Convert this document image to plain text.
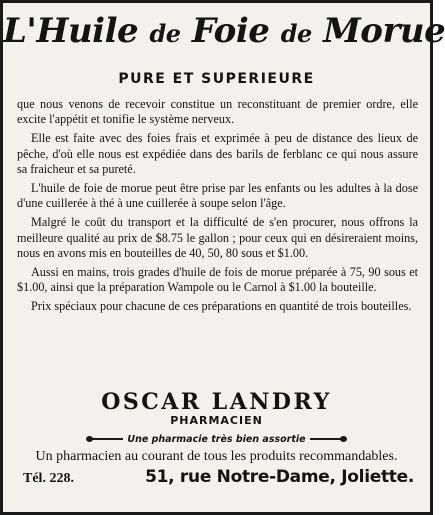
L'Huile de Foie de Morue
PURE ET SUPERIEURE

que nous venons de recevoir constitue un reconstituant de premier ordre, elle excite l'appétit et tonifie le système nerveux.

Elle est faite avec des foies frais et exprimée à peu de distance des lieux de pêche, d'où elle nous est expédiée dans des barils de ferblanc ce qui nous assure sa fraicheur et sa pureté.

L'huile de foie de morue peut être prise par les enfants ou les adultes à la dose d'une cuillerée à thé à une cuillerée à soupe selon l'âge.

Malgré le coût du transport et la difficulté de s'en procurer, nous offrons la meilleure qualité au prix de $8.75 le gallon ; pour ceux qui en désireraient moins, nous en avons mis en bouteilles de 40, 50, 80 sous et $1.00.

Aussi en mains, trois grades d'huile de fois de morue préparée à 75, 90 sous et $1.00, ainsi que la préparation Wampole ou le Carnol à $1.00 la bouteille.

Prix spéciaux pour chacune de ces préparations en quantité de trois bouteilles.

OSCAR LANDRY
PHARMACIEN
Une pharmacie très bien assortie
Un pharmacien au courant de tous les produits recommandables.
Tél. 228.	51, rue Notre-Dame, Joliette.
